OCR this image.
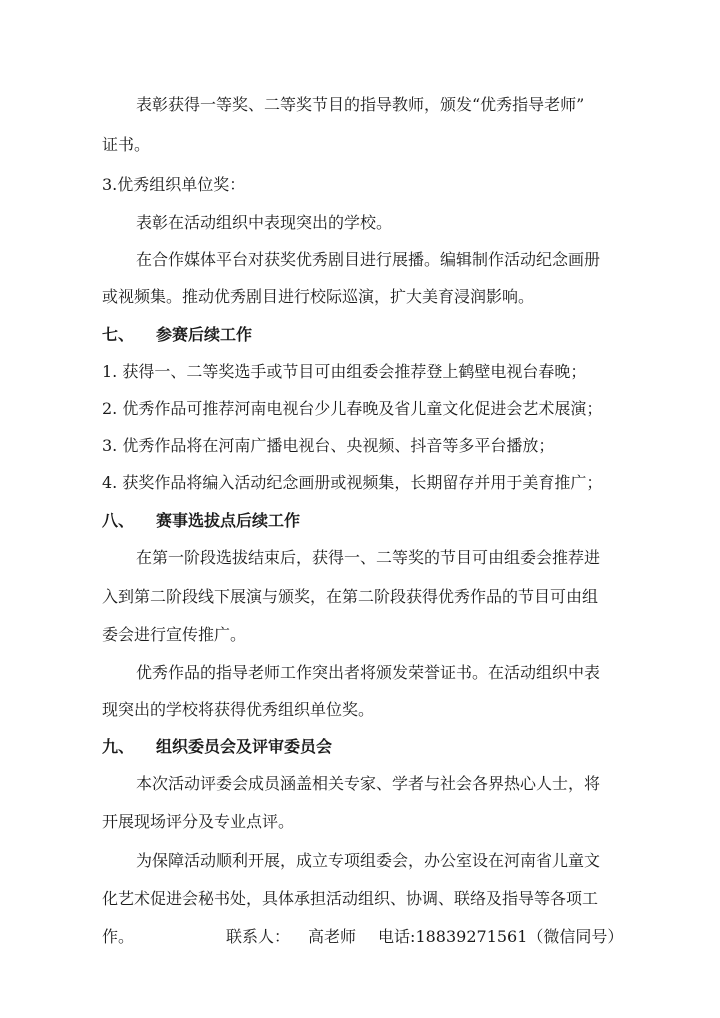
表彰获得一等奖、二等奖节目的指导教师，颁发“优秀指导老师”

证书。

3.优秀组织单位奖：

表彰在活动组织中表现突出的学校。

在合作媒体平台对获奖优秀剧目进行展播。编辑制作活动纪念画册

或视频集。推动优秀剧目进行校际巡演，扩大美育浸润影响。

七、 参赛后续工作

1. 获得一、二等奖选手或节目可由组委会推荐登上鹤壁电视台春晚；

2. 优秀作品可推荐河南电视台少儿春晚及省儿童文化促进会艺术展演；

3. 优秀作品将在河南广播电视台、央视频、抖音等多平台播放；

4. 获奖作品将编入活动纪念画册或视频集，长期留存并用于美育推广；

八、 赛事选拔点后续工作

在第一阶段选拔结束后，获得一、二等奖的节目可由组委会推荐进

入到第二阶段线下展演与颁奖，在第二阶段获得优秀作品的节目可由组

委会进行宣传推广。

优秀作品的指导老师工作突出者将颁发荣誉证书。在活动组织中表

现突出的学校将获得优秀组织单位奖。

九、 组织委员会及评审委员会

本次活动评委会成员涵盖相关专家、学者与社会各界热心人士，将

开展现场评分及专业点评。

为保障活动顺利开展，成立专项组委会，办公室设在河南省儿童文

化艺术促进会秘书处，具体承担活动组织、协调、联络及指导等各项工

作。	联系人： 高老师 电话:18839271561（微信同号）
